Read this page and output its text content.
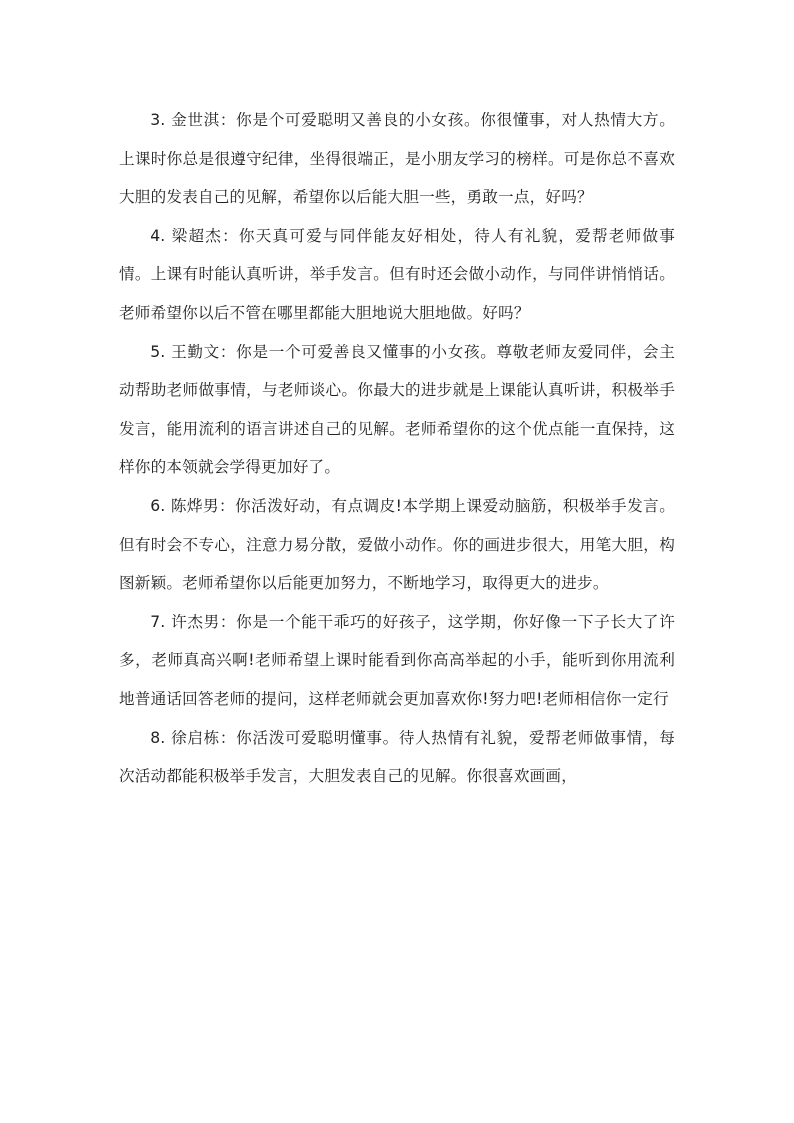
3. 金世淇：你是个可爱聪明又善良的小女孩。你很懂事，对人热情大方。上课时你总是很遵守纪律，坐得很端正，是小朋友学习的榜样。可是你总不喜欢大胆的发表自己的见解，希望你以后能大胆一些，勇敢一点，好吗？

4. 梁超杰：你天真可爱与同伴能友好相处，待人有礼貌，爱帮老师做事情。上课有时能认真听讲，举手发言。但有时还会做小动作，与同伴讲悄悄话。老师希望你以后不管在哪里都能大胆地说大胆地做。好吗？

5. 王勤文：你是一个可爱善良又懂事的小女孩。尊敬老师友爱同伴，会主动帮助老师做事情，与老师谈心。你最大的进步就是上课能认真听讲，积极举手发言，能用流利的语言讲述自己的见解。老师希望你的这个优点能一直保持，这样你的本领就会学得更加好了。

6. 陈烨男：你活泼好动，有点调皮!本学期上课爱动脑筋，积极举手发言。但有时会不专心，注意力易分散，爱做小动作。你的画进步很大，用笔大胆，构图新颖。老师希望你以后能更加努力，不断地学习，取得更大的进步。

7. 许杰男：你是一个能干乖巧的好孩子，这学期，你好像一下子长大了许多，老师真高兴啊!老师希望上课时能看到你高高举起的小手，能听到你用流利地普通话回答老师的提问，这样老师就会更加喜欢你!努力吧!老师相信你一定行

8. 徐启栋：你活泼可爱聪明懂事。待人热情有礼貌，爱帮老师做事情，每次活动都能积极举手发言，大胆发表自己的见解。你很喜欢画画，
